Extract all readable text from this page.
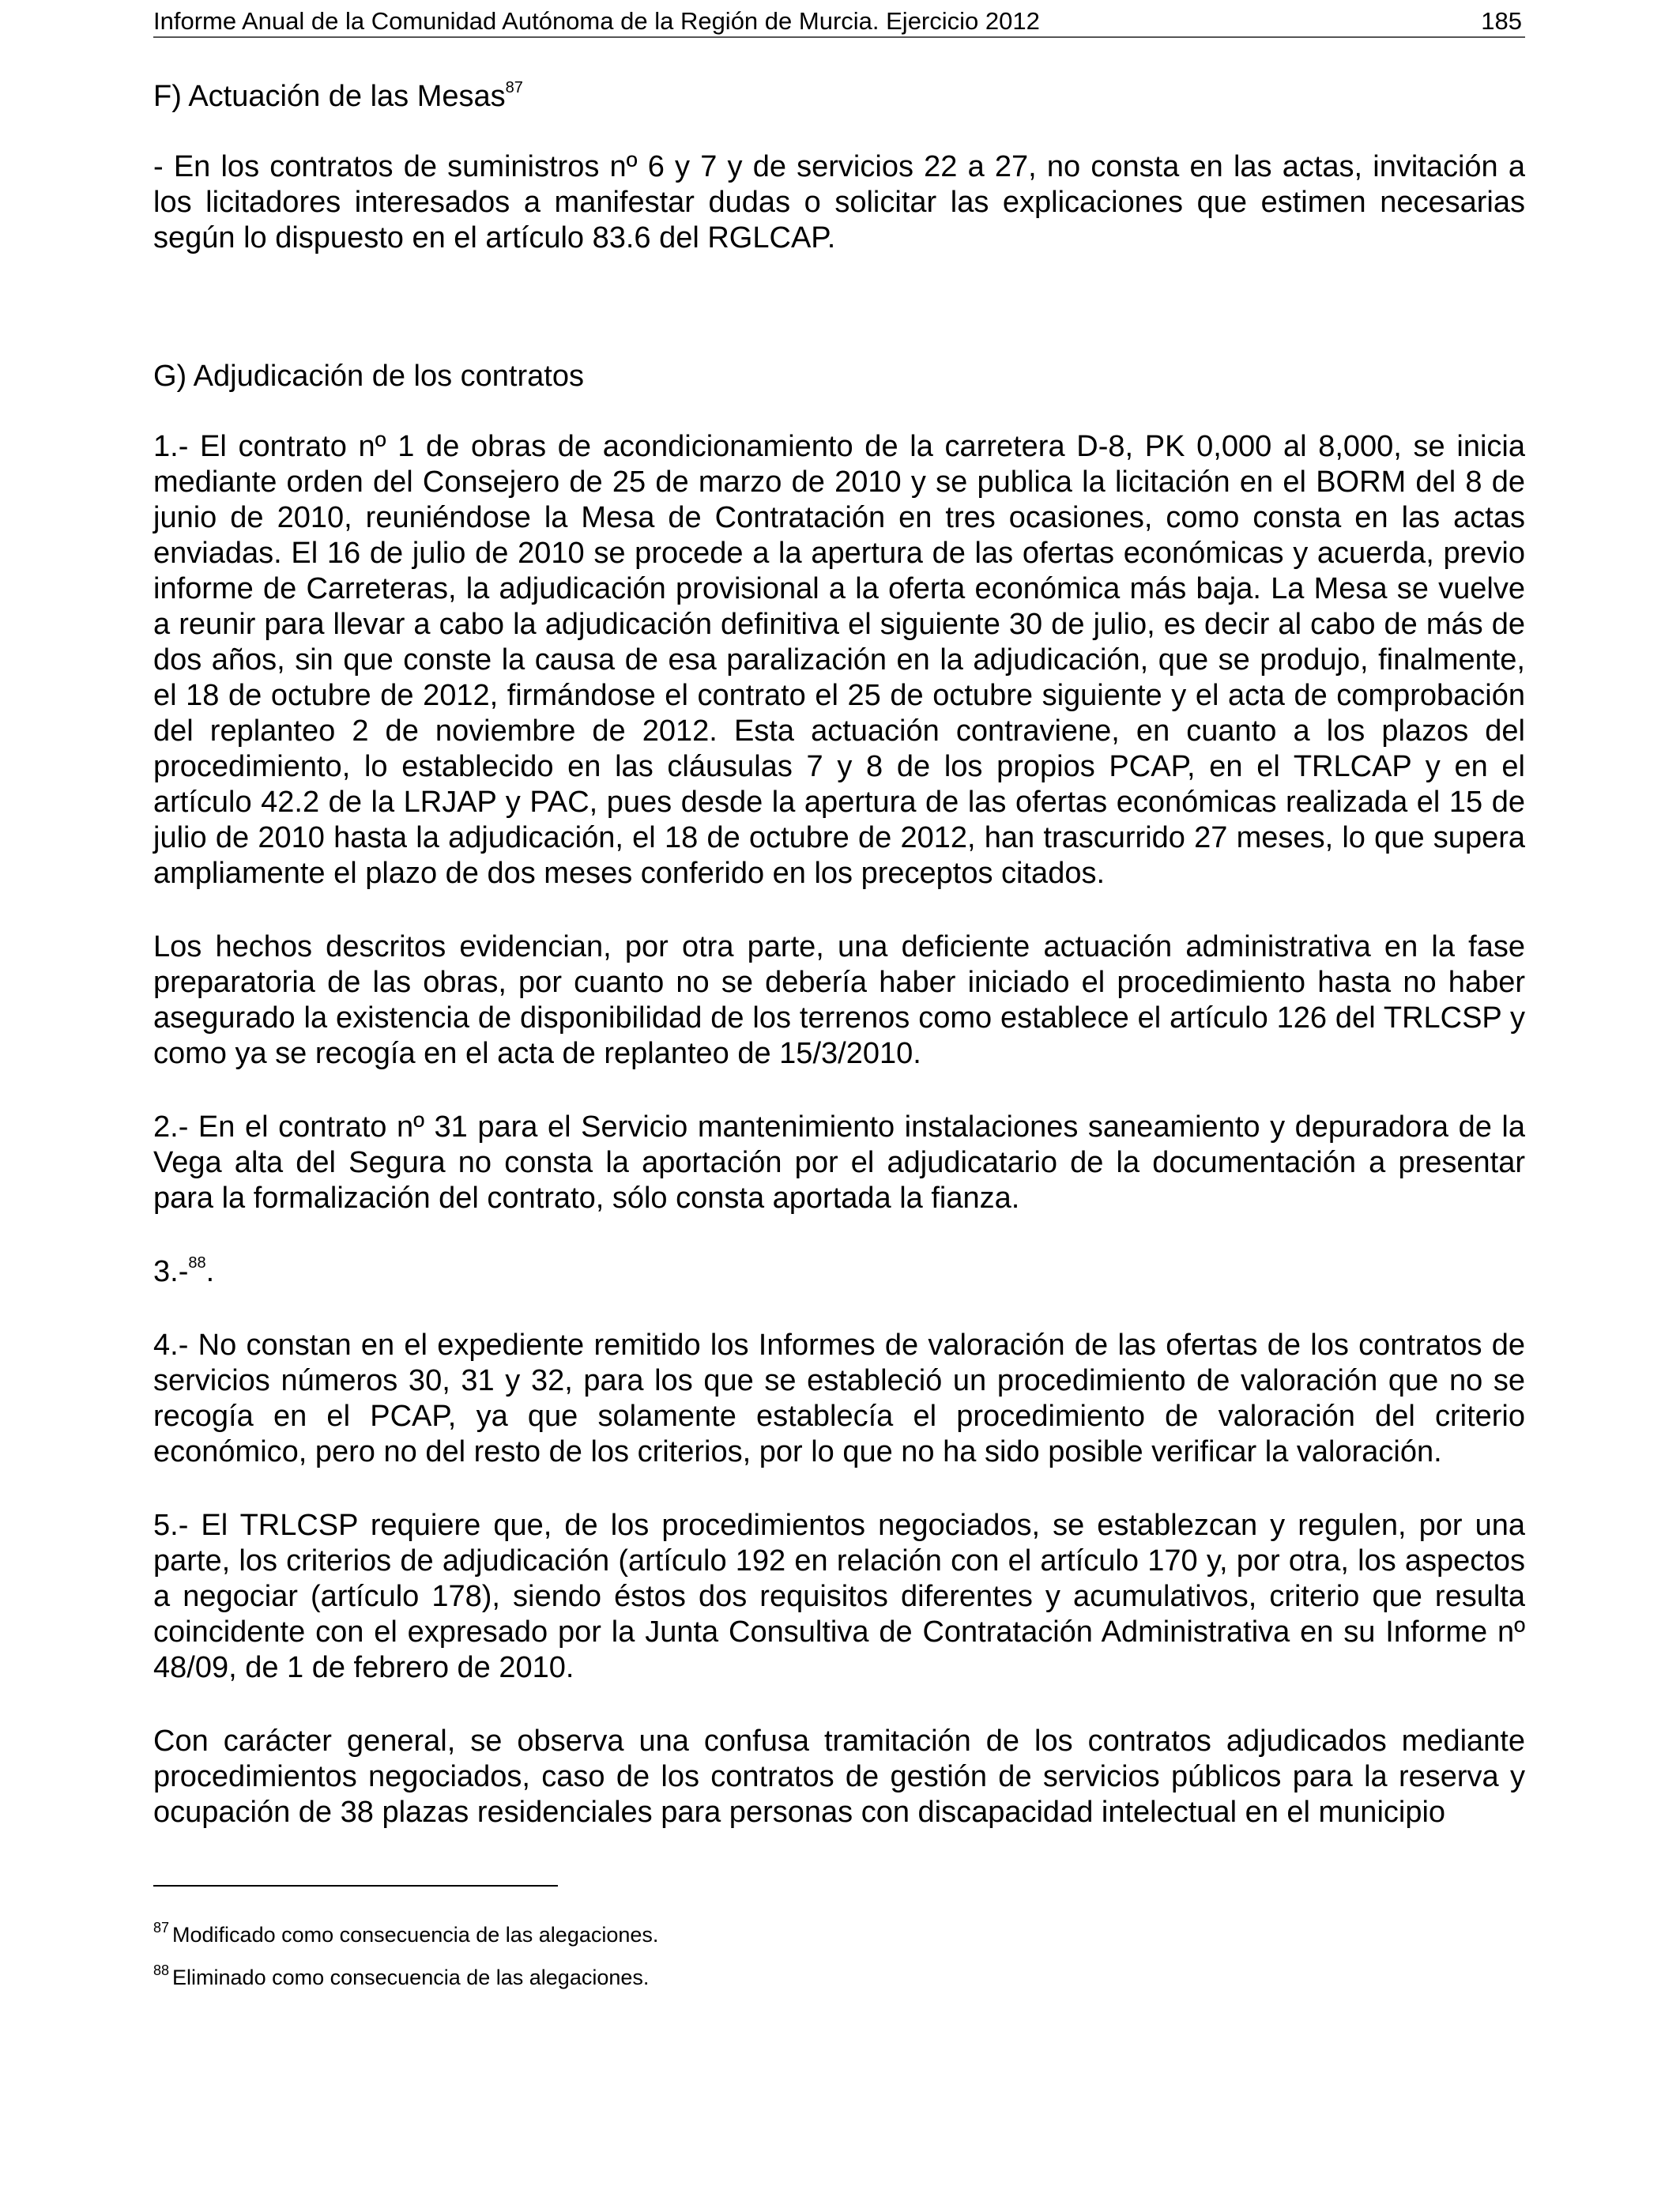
Informe Anual de la Comunidad Autónoma de la Región de Murcia. Ejercicio 2012	185
F) Actuación de las Mesas$^{87}$

- En los contratos de suministros nº 6 y 7 y de servicios 22 a 27, no consta en las actas, invitación a los licitadores interesados a manifestar dudas o solicitar las explicaciones que estimen necesarias según lo dispuesto en el artículo 83.6 del RGLCAP.

G) Adjudicación de los contratos

1.- El contrato nº 1 de obras de acondicionamiento de la carretera D-8, PK 0,000 al 8,000, se inicia mediante orden del Consejero de 25 de marzo de 2010 y se publica la licitación en el BORM del 8 de junio de 2010, reuniéndose la Mesa de Contratación en tres ocasiones, como consta en las actas enviadas. El 16 de julio de 2010 se procede a la apertura de las ofertas económicas y acuerda, previo informe de Carreteras, la adjudicación provisional a la oferta económica más baja. La Mesa se vuelve a reunir para llevar a cabo la adjudicación definitiva el siguiente 30 de julio, es decir al cabo de más de dos años, sin que conste la causa de esa paralización en la adjudicación, que se produjo, finalmente, el 18 de octubre de 2012, firmándose el contrato el 25 de octubre siguiente y el acta de comprobación del replanteo 2 de noviembre de 2012. Esta actuación contraviene, en cuanto a los plazos del procedimiento, lo establecido en las cláusulas 7 y 8 de los propios PCAP, en el TRLCAP y en el artículo 42.2 de la LRJAP y PAC, pues desde la apertura de las ofertas económicas realizada el 15 de julio de 2010 hasta la adjudicación, el 18 de octubre de 2012, han trascurrido 27 meses, lo que supera ampliamente el plazo de dos meses conferido en los preceptos citados.

Los hechos descritos evidencian, por otra parte, una deficiente actuación administrativa en la fase preparatoria de las obras, por cuanto no se debería haber iniciado el procedimiento hasta no haber asegurado la existencia de disponibilidad de los terrenos como establece el artículo 126 del TRLCSP y como ya se recogía en el acta de replanteo de 15/3/2010.

2.- En el contrato nº 31 para el Servicio mantenimiento instalaciones saneamiento y depuradora de la Vega alta del Segura no consta la aportación por el adjudicatario de la documentación a presentar para la formalización del contrato, sólo consta aportada la fianza.

3.-$^{88}$.

4.- No constan en el expediente remitido los Informes de valoración de las ofertas de los contratos de servicios números 30, 31 y 32, para los que se estableció un procedimiento de valoración que no se recogía en el PCAP, ya que solamente establecía el procedimiento de valoración del criterio económico, pero no del resto de los criterios, por lo que no ha sido posible verificar la valoración.

5.- El TRLCSP requiere que, de los procedimientos negociados, se establezcan y regulen, por una parte, los criterios de adjudicación (artículo 192 en relación con el artículo 170 y, por otra, los aspectos a negociar (artículo 178), siendo éstos dos requisitos diferentes y acumulativos, criterio que resulta coincidente con el expresado por la Junta Consultiva de Contratación Administrativa en su Informe nº 48/09, de 1 de febrero de 2010.

Con carácter general, se observa una confusa tramitación de los contratos adjudicados mediante procedimientos negociados, caso de los contratos de gestión de servicios públicos para la reserva y ocupación de 38 plazas residenciales para personas con discapacidad intelectual en el municipio

$^{87}$ Modificado como consecuencia de las alegaciones.

$^{88}$ Eliminado como consecuencia de las alegaciones.
